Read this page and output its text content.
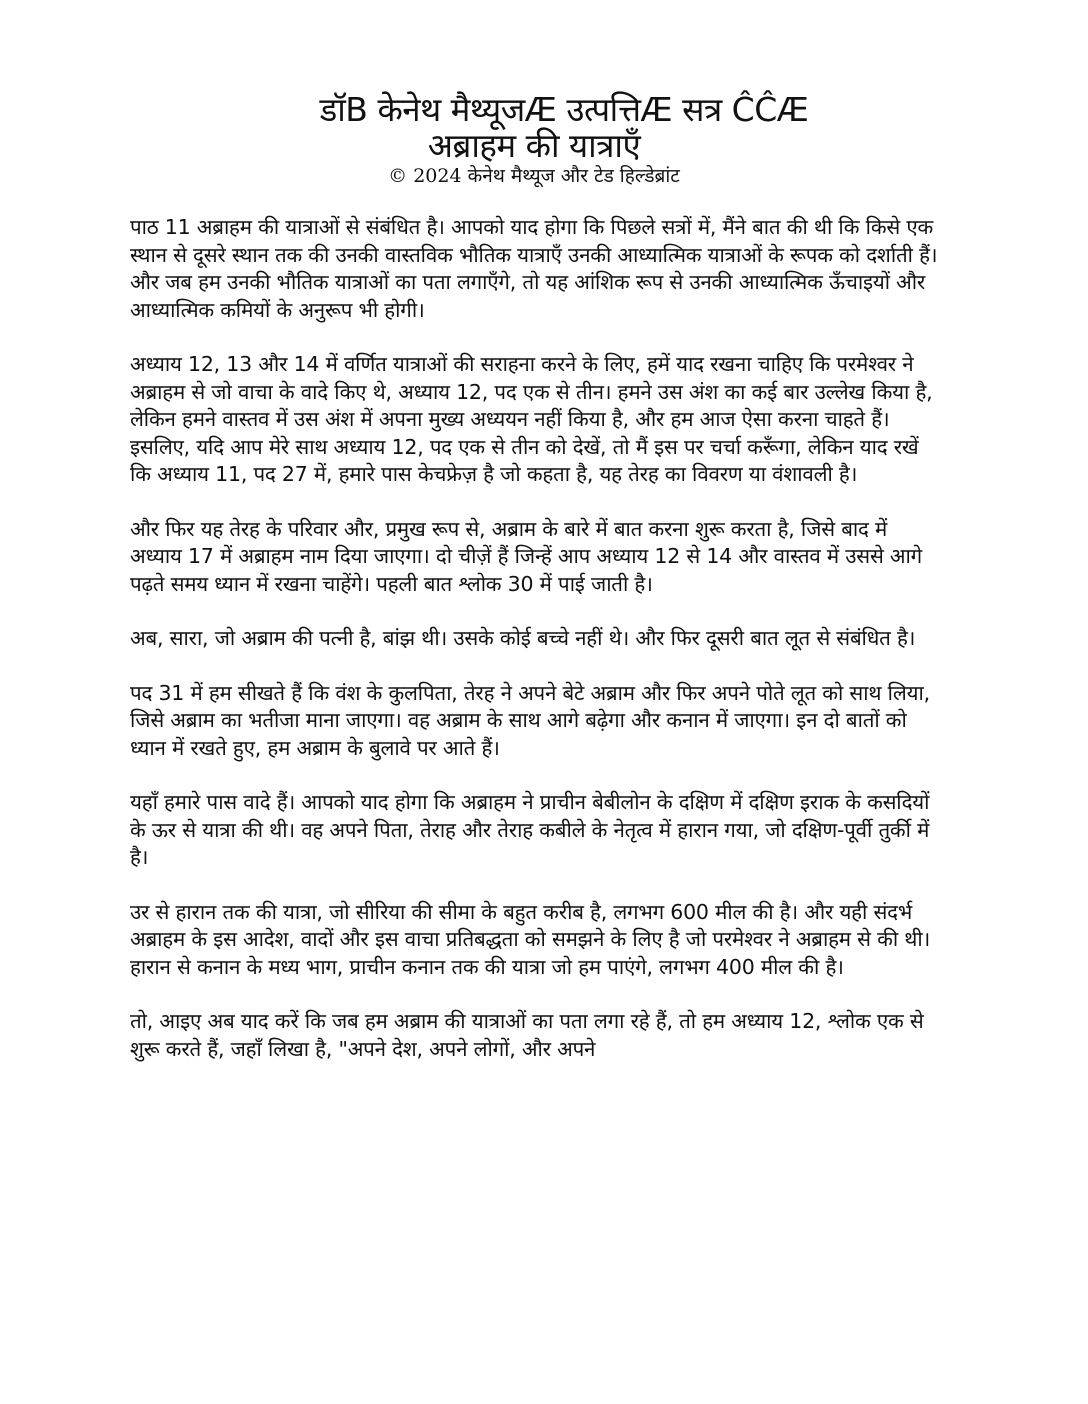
डॉB केनेथ मैथ्यूजÆ उत्पत्तिÆ सत्र ĈĈÆ
अब्राहम की यात्राएँ

© 2024 केनेथ मैथ्यूज और टेड हिल्डेब्रांट

पाठ 11 अब्राहम की यात्राओं से संबंधित है। आपको याद होगा कि पिछले सत्रों में, मैंने बात की थी कि किसे एक स्थान से दूसरे स्थान तक की उनकी वास्तविक भौतिक यात्राएँ उनकी आध्यात्मिक यात्राओं के रूपक को दर्शाती हैं। और जब हम उनकी भौतिक यात्राओं का पता लगाएँगे, तो यह आंशिक रूप से उनकी आध्यात्मिक ऊँचाइयों और आध्यात्मिक कमियों के अनुरूप भी होगी।

अध्याय 12, 13 और 14 में वर्णित यात्राओं की सराहना करने के लिए, हमें याद रखना चाहिए कि परमेश्वर ने अब्राहम से जो वाचा के वादे किए थे, अध्याय 12, पद एक से तीन। हमने उस अंश का कई बार उल्लेख किया है, लेकिन हमने वास्तव में उस अंश में अपना मुख्य अध्ययन नहीं किया है, और हम आज ऐसा करना चाहते हैं। इसलिए, यदि आप मेरे साथ अध्याय 12, पद एक से तीन को देखें, तो मैं इस पर चर्चा करूँगा, लेकिन याद रखें कि अध्याय 11, पद 27 में, हमारे पास केचफ्रेज़ है जो कहता है, यह तेरह का विवरण या वंशावली है।

और फिर यह तेरह के परिवार और, प्रमुख रूप से, अब्राम के बारे में बात करना शुरू करता है, जिसे बाद में अध्याय 17 में अब्राहम नाम दिया जाएगा। दो चीज़ें हैं जिन्हें आप अध्याय 12 से 14 और वास्तव में उससे आगे पढ़ते समय ध्यान में रखना चाहेंगे। पहली बात श्लोक 30 में पाई जाती है।

अब, सारा, जो अब्राम की पत्नी है, बांझ थी। उसके कोई बच्चे नहीं थे। और फिर दूसरी बात लूत से संबंधित है।

पद 31 में हम सीखते हैं कि वंश के कुलपिता, तेरह ने अपने बेटे अब्राम और फिर अपने पोते लूत को साथ लिया, जिसे अब्राम का भतीजा माना जाएगा। वह अब्राम के साथ आगे बढ़ेगा और कनान में जाएगा। इन दो बातों को ध्यान में रखते हुए, हम अब्राम के बुलावे पर आते हैं।

यहाँ हमारे पास वादे हैं। आपको याद होगा कि अब्राहम ने प्राचीन बेबीलोन के दक्षिण में दक्षिण इराक के कसदियों के ऊर से यात्रा की थी। वह अपने पिता, तेराह और तेराह कबीले के नेतृत्व में हारान गया, जो दक्षिण-पूर्वी तुर्की में है।

उर से हारान तक की यात्रा, जो सीरिया की सीमा के बहुत करीब है, लगभग 600 मील की है। और यही संदर्भ अब्राहम के इस आदेश, वादों और इस वाचा प्रतिबद्धता को समझने के लिए है जो परमेश्वर ने अब्राहम से की थी। हारान से कनान के मध्य भाग, प्राचीन कनान तक की यात्रा जो हम पाएंगे, लगभग 400 मील की है।

तो, आइए अब याद करें कि जब हम अब्राम की यात्राओं का पता लगा रहे हैं, तो हम अध्याय 12, श्लोक एक से शुरू करते हैं, जहाँ लिखा है, "अपने देश, अपने लोगों, और अपने
